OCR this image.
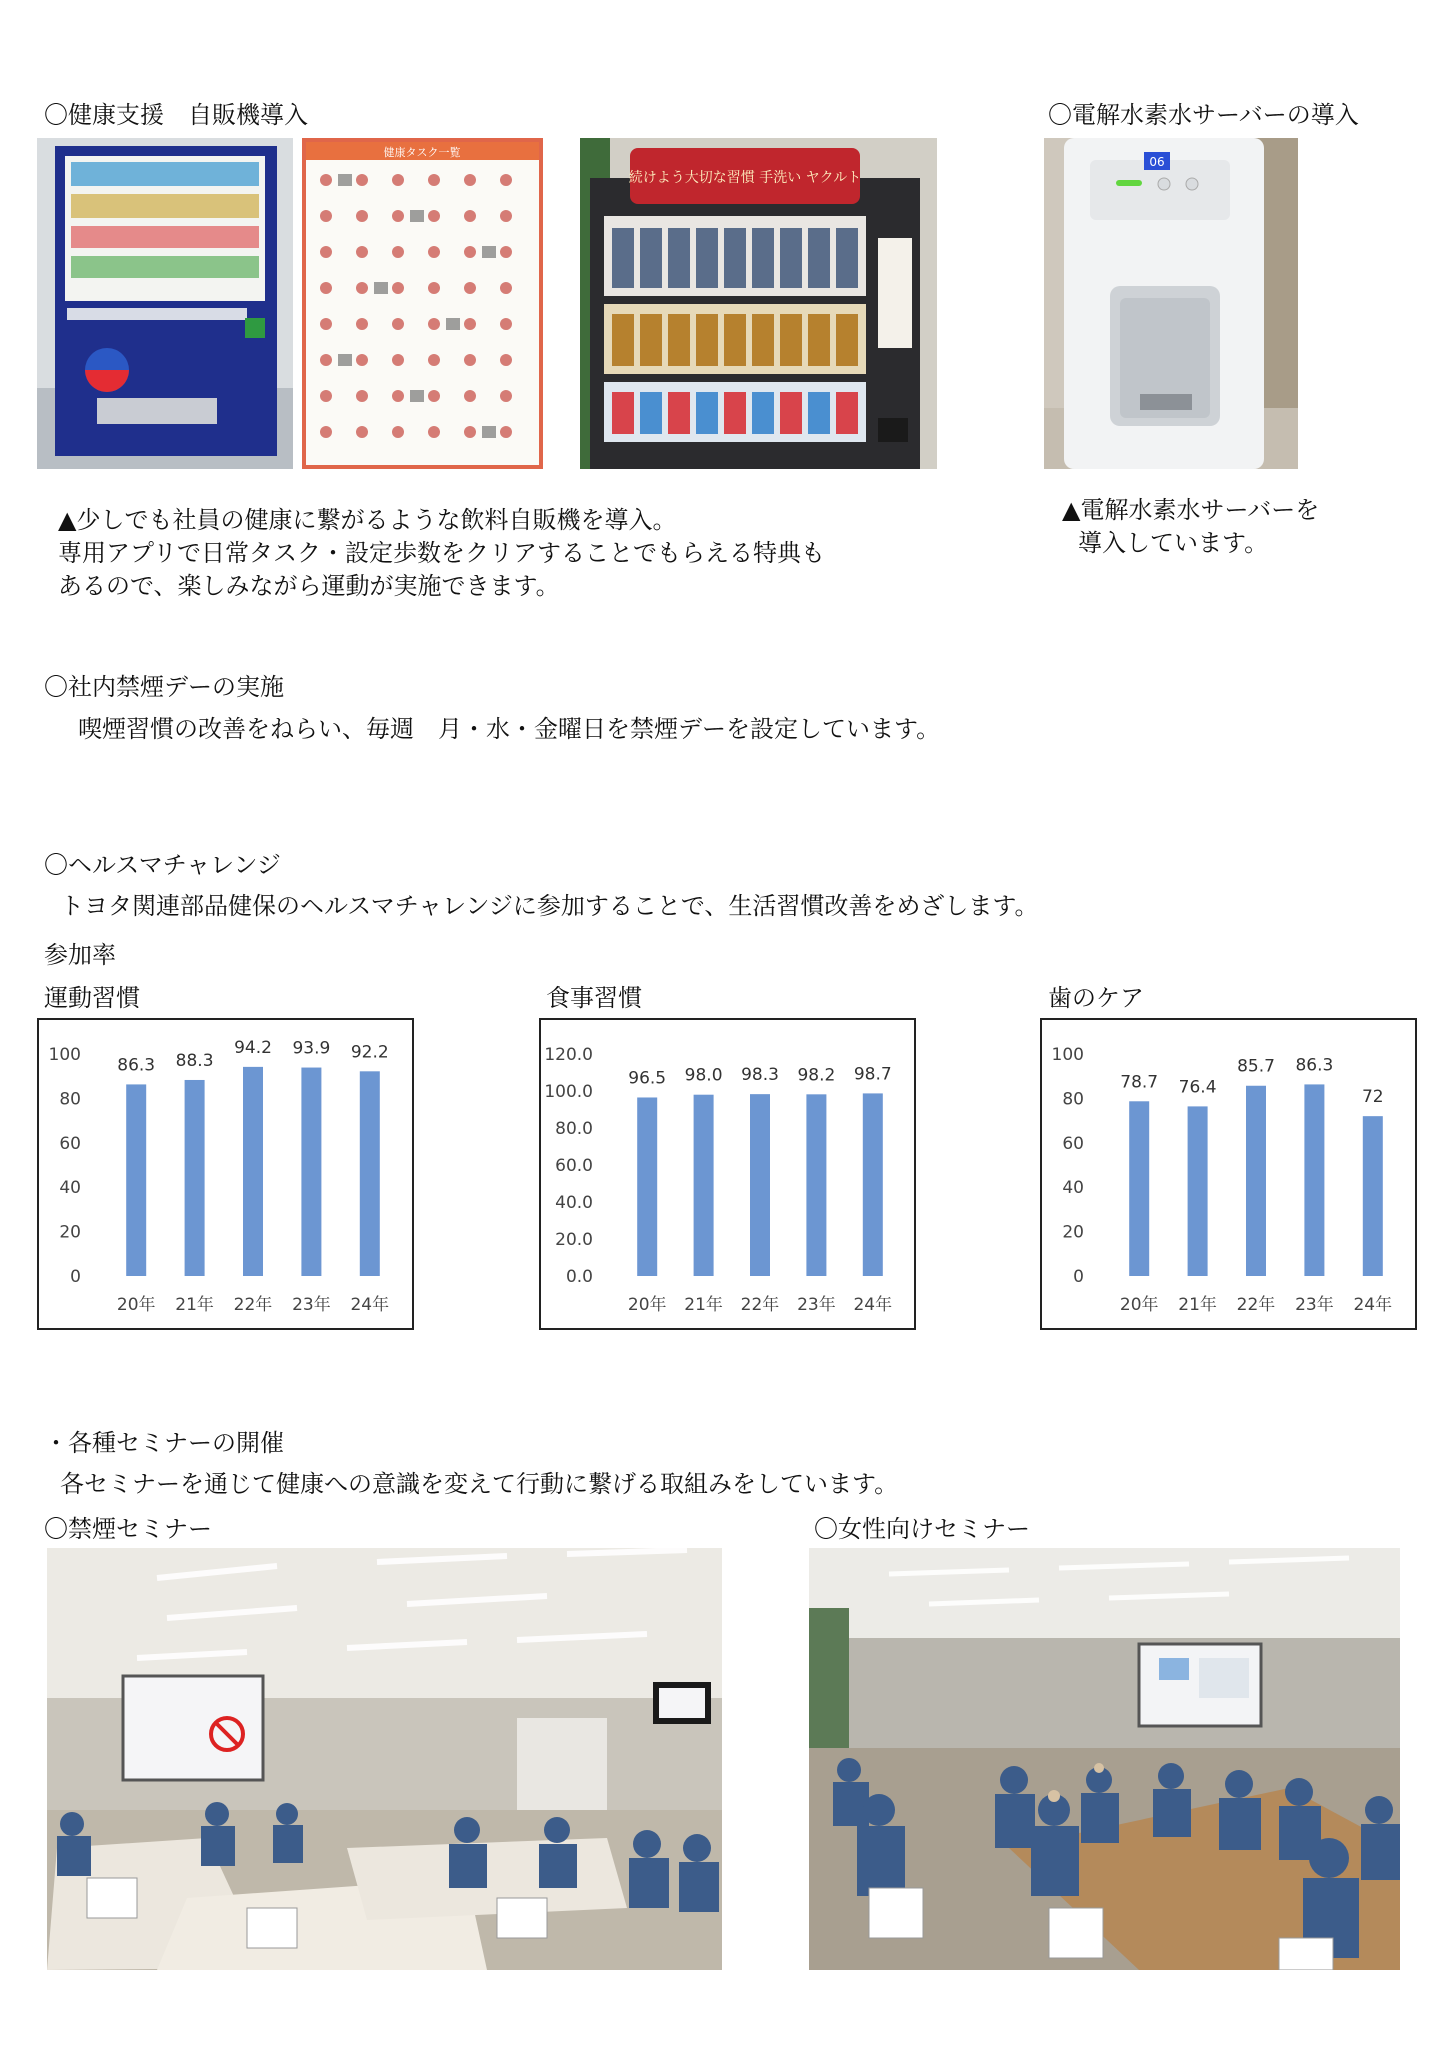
〇健康支援　自販機導入
健康タスク一覧
続けよう大切な習慣 手洗い ヤクルト
▲少しでも社員の健康に繋がるような飲料自販機を導入。
専用アプリで日常タスク・設定歩数をクリアすることでもらえる特典も
あるので、楽しみながら運動が実施できます。
〇電解水素水サーバーの導入
06
▲電解水素水サーバーを
導入しています。
〇社内禁煙デーの実施
喫煙習慣の改善をねらい、毎週　月・水・金曜日を禁煙デーを設定しています。
〇ヘルスマチャレンジ
トヨタ関連部品健保のヘルスマチャレンジに参加することで、生活習慣改善をめざします。
参加率
運動習慣	食事習慣	歯のケア
0
20
40
60
80
100
86.3
20年
88.3
21年
94.2
22年
93.9
23年
92.2
24年
0.0
20.0
40.0
60.0
80.0
100.0
120.0
96.5
20年
98.0
21年
98.3
22年
98.2
23年
98.7
24年
0
20
40
60
80
100
78.7
20年
76.4
21年
85.7
22年
86.3
23年
72
24年
・各種セミナーの開催
各セミナーを通じて健康への意識を変えて行動に繋げる取組みをしています。
〇禁煙セミナー	〇女性向けセミナー
